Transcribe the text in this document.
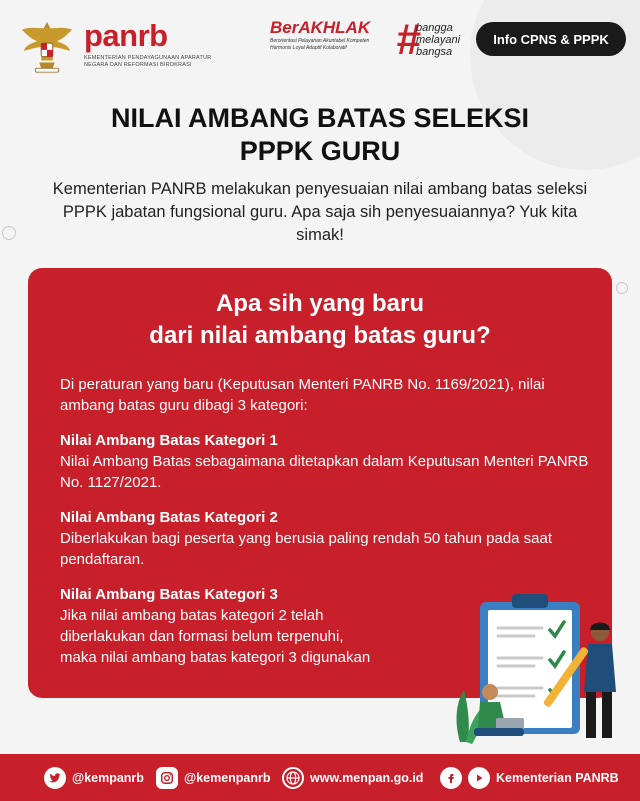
panrb
KEMENTERIAN PENDAYAGUNAAN APARATUR NEGARA DAN REFORMASI BIROKRASI
BerAKHLAK
Berorientasi Pelayanan Akuntabel Kompeten Harmonis Loyal Adaptif Kolaboratif	#
bangga
melayani
bangsa
Info CPNS & PPPK
NILAI AMBANG BATAS SELEKSI
PPPK GURU
Kementerian PANRB melakukan penyesuaian nilai ambang batas seleksi PPPK jabatan fungsional guru. Apa saja sih penyesuaiannya? Yuk kita simak!
Apa sih yang baru
dari nilai ambang batas guru?

Di peraturan yang baru (Keputusan Menteri PANRB No. 1169/2021), nilai ambang batas guru dibagi 3 kategori:

Nilai Ambang Batas Kategori 1
Nilai Ambang Batas sebagaimana ditetapkan dalam Keputusan Menteri PANRB No. 1127/2021.

Nilai Ambang Batas Kategori 2
Diberlakukan bagi peserta yang berusia paling rendah 50 tahun pada saat pendaftaran.

Nilai Ambang Batas Kategori 3
Jika nilai ambang batas kategori 2 telah
diberlakukan dan formasi belum terpenuhi,
maka nilai ambang batas kategori 3 digunakan

@kempanrb	@kemenpanrb	www.menpan.go.id	Kementerian PANRB
